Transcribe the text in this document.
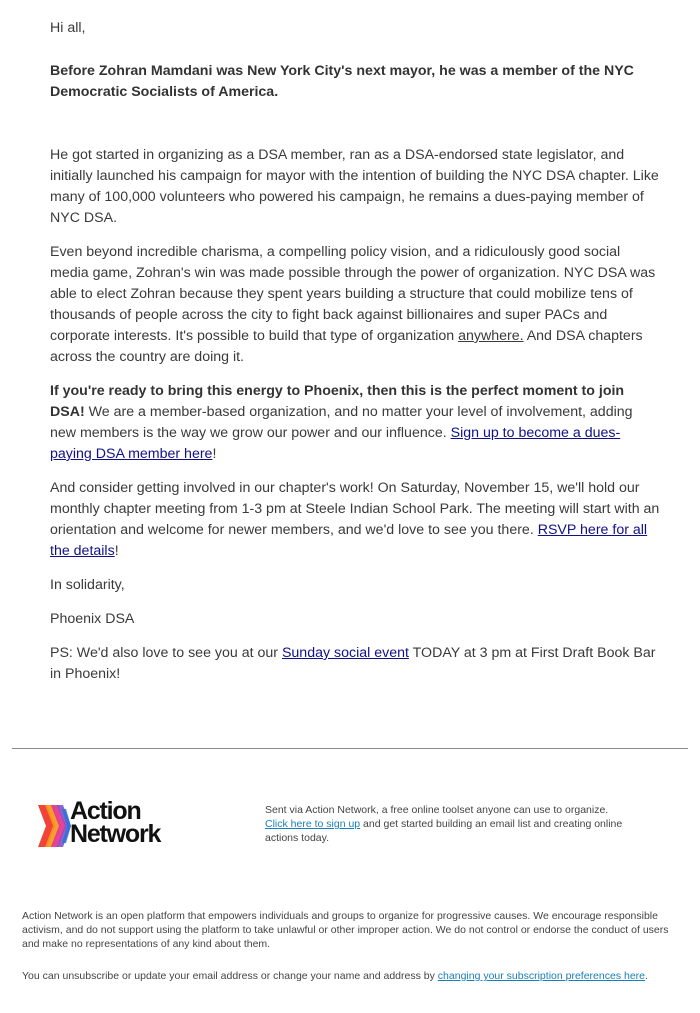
Hi all,

Before Zohran Mamdani was New York City's next mayor, he was a member of the NYC Democratic Socialists of America.

He got started in organizing as a DSA member, ran as a DSA-endorsed state legislator, and initially launched his campaign for mayor with the intention of building the NYC DSA chapter. Like many of 100,000 volunteers who powered his campaign, he remains a dues-paying member of NYC DSA.

Even beyond incredible charisma, a compelling policy vision, and a ridiculously good social media game, Zohran's win was made possible through the power of organization. NYC DSA was able to elect Zohran because they spent years building a structure that could mobilize tens of thousands of people across the city to fight back against billionaires and super PACs and corporate interests. It's possible to build that type of organization anywhere. And DSA chapters across the country are doing it.

If you're ready to bring this energy to Phoenix, then this is the perfect moment to join DSA! We are a member-based organization, and no matter your level of involvement, adding new members is the way we grow our power and our influence. Sign up to become a dues-paying DSA member here!

And consider getting involved in our chapter's work! On Saturday, November 15, we'll hold our monthly chapter meeting from 1-3 pm at Steele Indian School Park. The meeting will start with an orientation and welcome for newer members, and we'd love to see you there. RSVP here for all the details!

In solidarity,

Phoenix DSA

PS: We'd also love to see you at our Sunday social event TODAY at 3 pm at First Draft Book Bar in Phoenix!

Action
Network
Sent via Action Network, a free online toolset anyone can use to organize.
Click here to sign up and get started building an email list and creating online actions today.
Action Network is an open platform that empowers individuals and groups to organize for progressive causes. We encourage responsible activism, and do not support using the platform to take unlawful or other improper action. We do not control or endorse the conduct of users and make no representations of any kind about them.
You can unsubscribe or update your email address or change your name and address by changing your subscription preferences here.
